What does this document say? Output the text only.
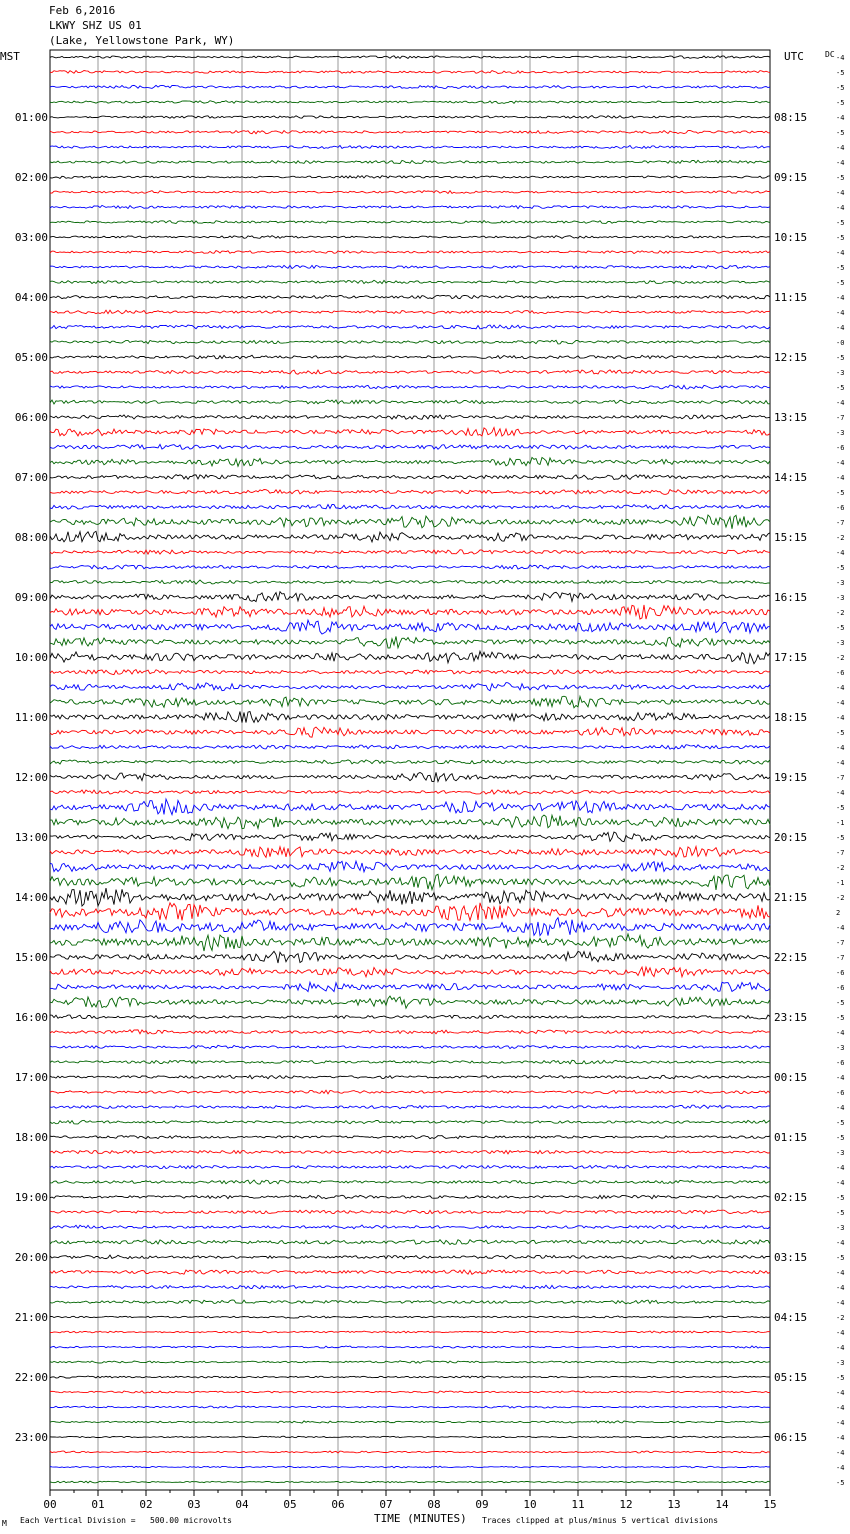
Feb 6,2016
LKWY SHZ US 01
(Lake, Yellowstone Park, WY)
MST	UTC	DC
00	01	02	03	04	05	06	07	08	09	10	11	12	13	14	15
-4
-5
-5
-5
-4
-5
-4
-4
-5
-4
-4
-5
-5
-4
-5
-5
-4
-4
-4
-0
-5
-3
-5
-4
-7
-3
-6
-4
-4
-5
-6
-7
-2
-4
-5
-3
-3
-2
-5
-3
-2
-6
-4
-4
-4
-5
-4
-4
-7
-4
-5
-1
-5
-7
-2
-1
-2
2
-4
-7
-7
-6
-6
-5
-5
-4
-3
-6
-4
-6
-4
-5
-5
-3
-4
-4
-5
-5
-3
-4
-5
-4
-4
-4
-2
-4
-4
-3
-5
-4
-4
-4
-4
-4
-4
-5
01:00
02:00
03:00
04:00
05:00
06:00
07:00
08:00
09:00
10:00
11:00
12:00
13:00
14:00
15:00
16:00
17:00
18:00
19:00
20:00
21:00
22:00
23:00
08:15
09:15
10:15
11:15
12:15
13:15
14:15
15:15
16:15
17:15
18:15
19:15
20:15
21:15
22:15
23:15
00:15
01:15
02:15
03:15
04:15
05:15
06:15
M Each Vertical Division =   500.00 microvolts	TIME (MINUTES) Traces clipped at plus/minus 5 vertical divisions
